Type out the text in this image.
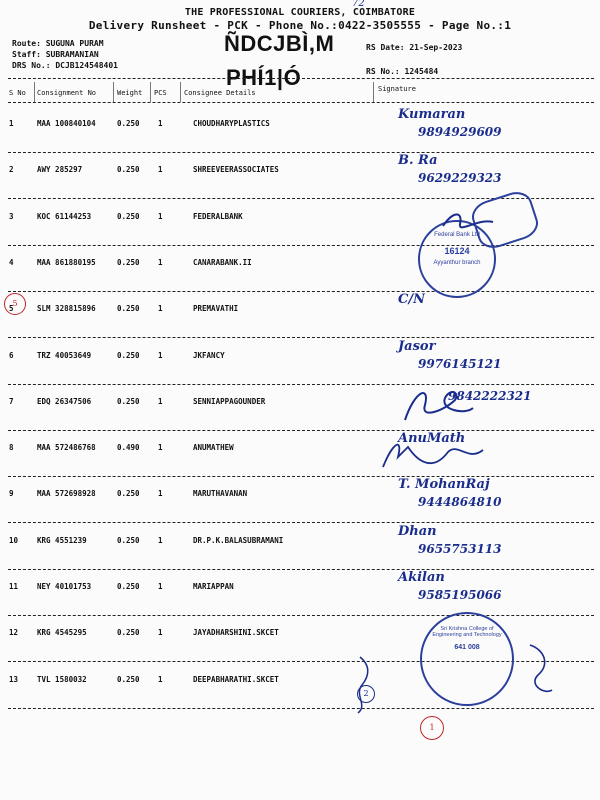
THE PROFESSIONAL COURIERS, COIMBATORE
72
Delivery Runsheet - PCK - Phone No.:0422-3505555 - Page No.:1
Route: SUGUNA PURAM
Staff: SUBRAMANIAN
DRS No.: DCJB124548401
ÑDCJBÌ,M
PHÍ1|Ó
RS Date: 21-Sep-2023
RS No.: 1245484
S No Consignment No	Weight PCS Consignee Details	Signature
1	MAA 100840104	0.250 1	CHOUDHARYPLASTICS
Kumaran
9894929609
2	AWY 285297	0.250 1	SHREEVEERASSOCIATES
B. Ra
9629229323
3	KOC 61144253	0.250 1	FEDERALBANK
4	MAA 861880195	0.250 1	CANARABANK.II
5	SLM 328815896	0.250 1	PREMAVATHI
C/N
6	TRZ 40053649	0.250 1	JKFANCY
Jasor
9976145121
7	EDQ 26347506	0.250 1	SENNIAPPAGOUNDER	9842222321
8	MAA 572486768	0.490 1	ANUMATHEW
AnuMath
9	MAA 572698928	0.250 1	MARUTHAVANAN
T. MohanRaj
9444864810
10	KRG 4551239	0.250 1	DR.P.K.BALASUBRAMANI
Dhan
9655753113
11	NEY 40101753	0.250 1	MARIAPPAN
Akilan
9585195066
12	KRG 4545295	0.250 1	JAYADHARSHINI.SKCET
13	TVL 1580032	0.250 1	DEEPABHARATHI.SKCET
Federal Bank Ltd
16124
Ayyanthur branch
Sri Krishna College of Engineering and Technology
641 008
5
1
2
